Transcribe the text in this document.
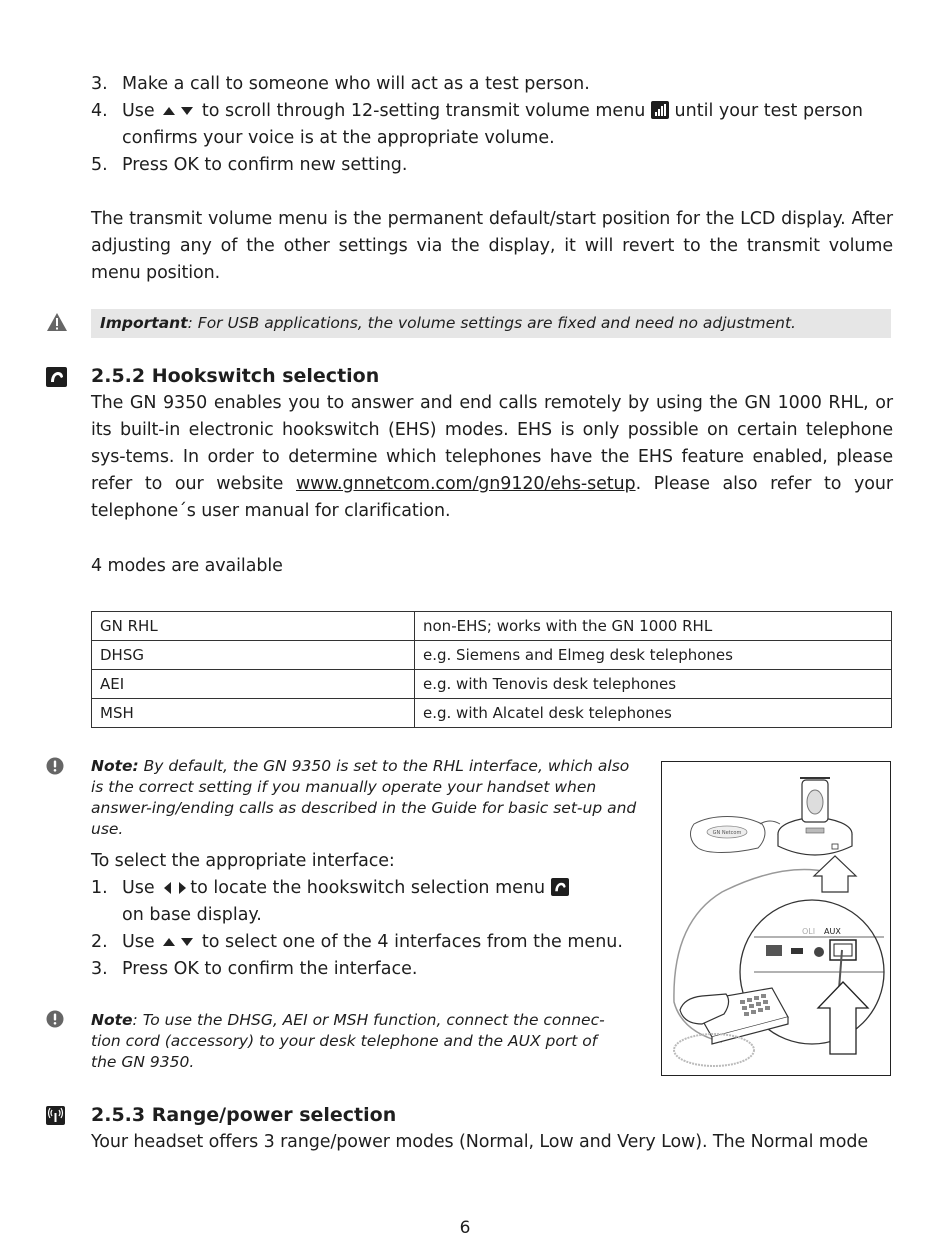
3. Make a call to someone who will act as a test person.
4. Use	to scroll through 12-setting transmit volume menu until your test person
confirms your voice is at the appropriate volume.
5. Press OK to confirm new setting.
The transmit volume menu is the permanent default/start position for the LCD display. After adjusting any of the other settings via the display, it will revert to the transmit volume menu position.
Important: For USB applications, the volume settings are fixed and need no adjustment.
2.5.2 Hookswitch selection
The GN 9350 enables you to answer and end calls remotely by using the GN 1000 RHL, or its built-in electronic hookswitch (EHS) modes. EHS is only possible on certain telephone sys-tems. In order to determine which telephones have the EHS feature enabled, please refer to our website www.gnnetcom.com/gn9120/ehs-setup. Please also refer to your telephone´s user manual for clarification.
4 modes are available
GN RHL	non-EHS; works with the GN 1000 RHL
DHSG	e.g. Siemens and Elmeg desk telephones
AEI	e.g. with Tenovis desk telephones
MSH	e.g. with Alcatel desk telephones
Note: By default, the GN 9350 is set to the RHL interface, which also is the correct setting if you manually operate your handset when answer-ing/ending calls as described in the Guide for basic set-up and use.
To select the appropriate interface:
1. Use to locate the hookswitch selection menu
on base display.
2. Use	to select one of the 4 interfaces from the menu.
3. Press OK to confirm the interface.
Note: To use the DHSG, AEI or MSH function, connect the connec-tion cord (accessory) to your desk telephone and the AUX port of the GN 9350.
GN Netcom
OLI AUX
2.5.3 Range/power selection
Your headset offers 3 range/power modes (Normal, Low and Very Low). The Normal mode
6
